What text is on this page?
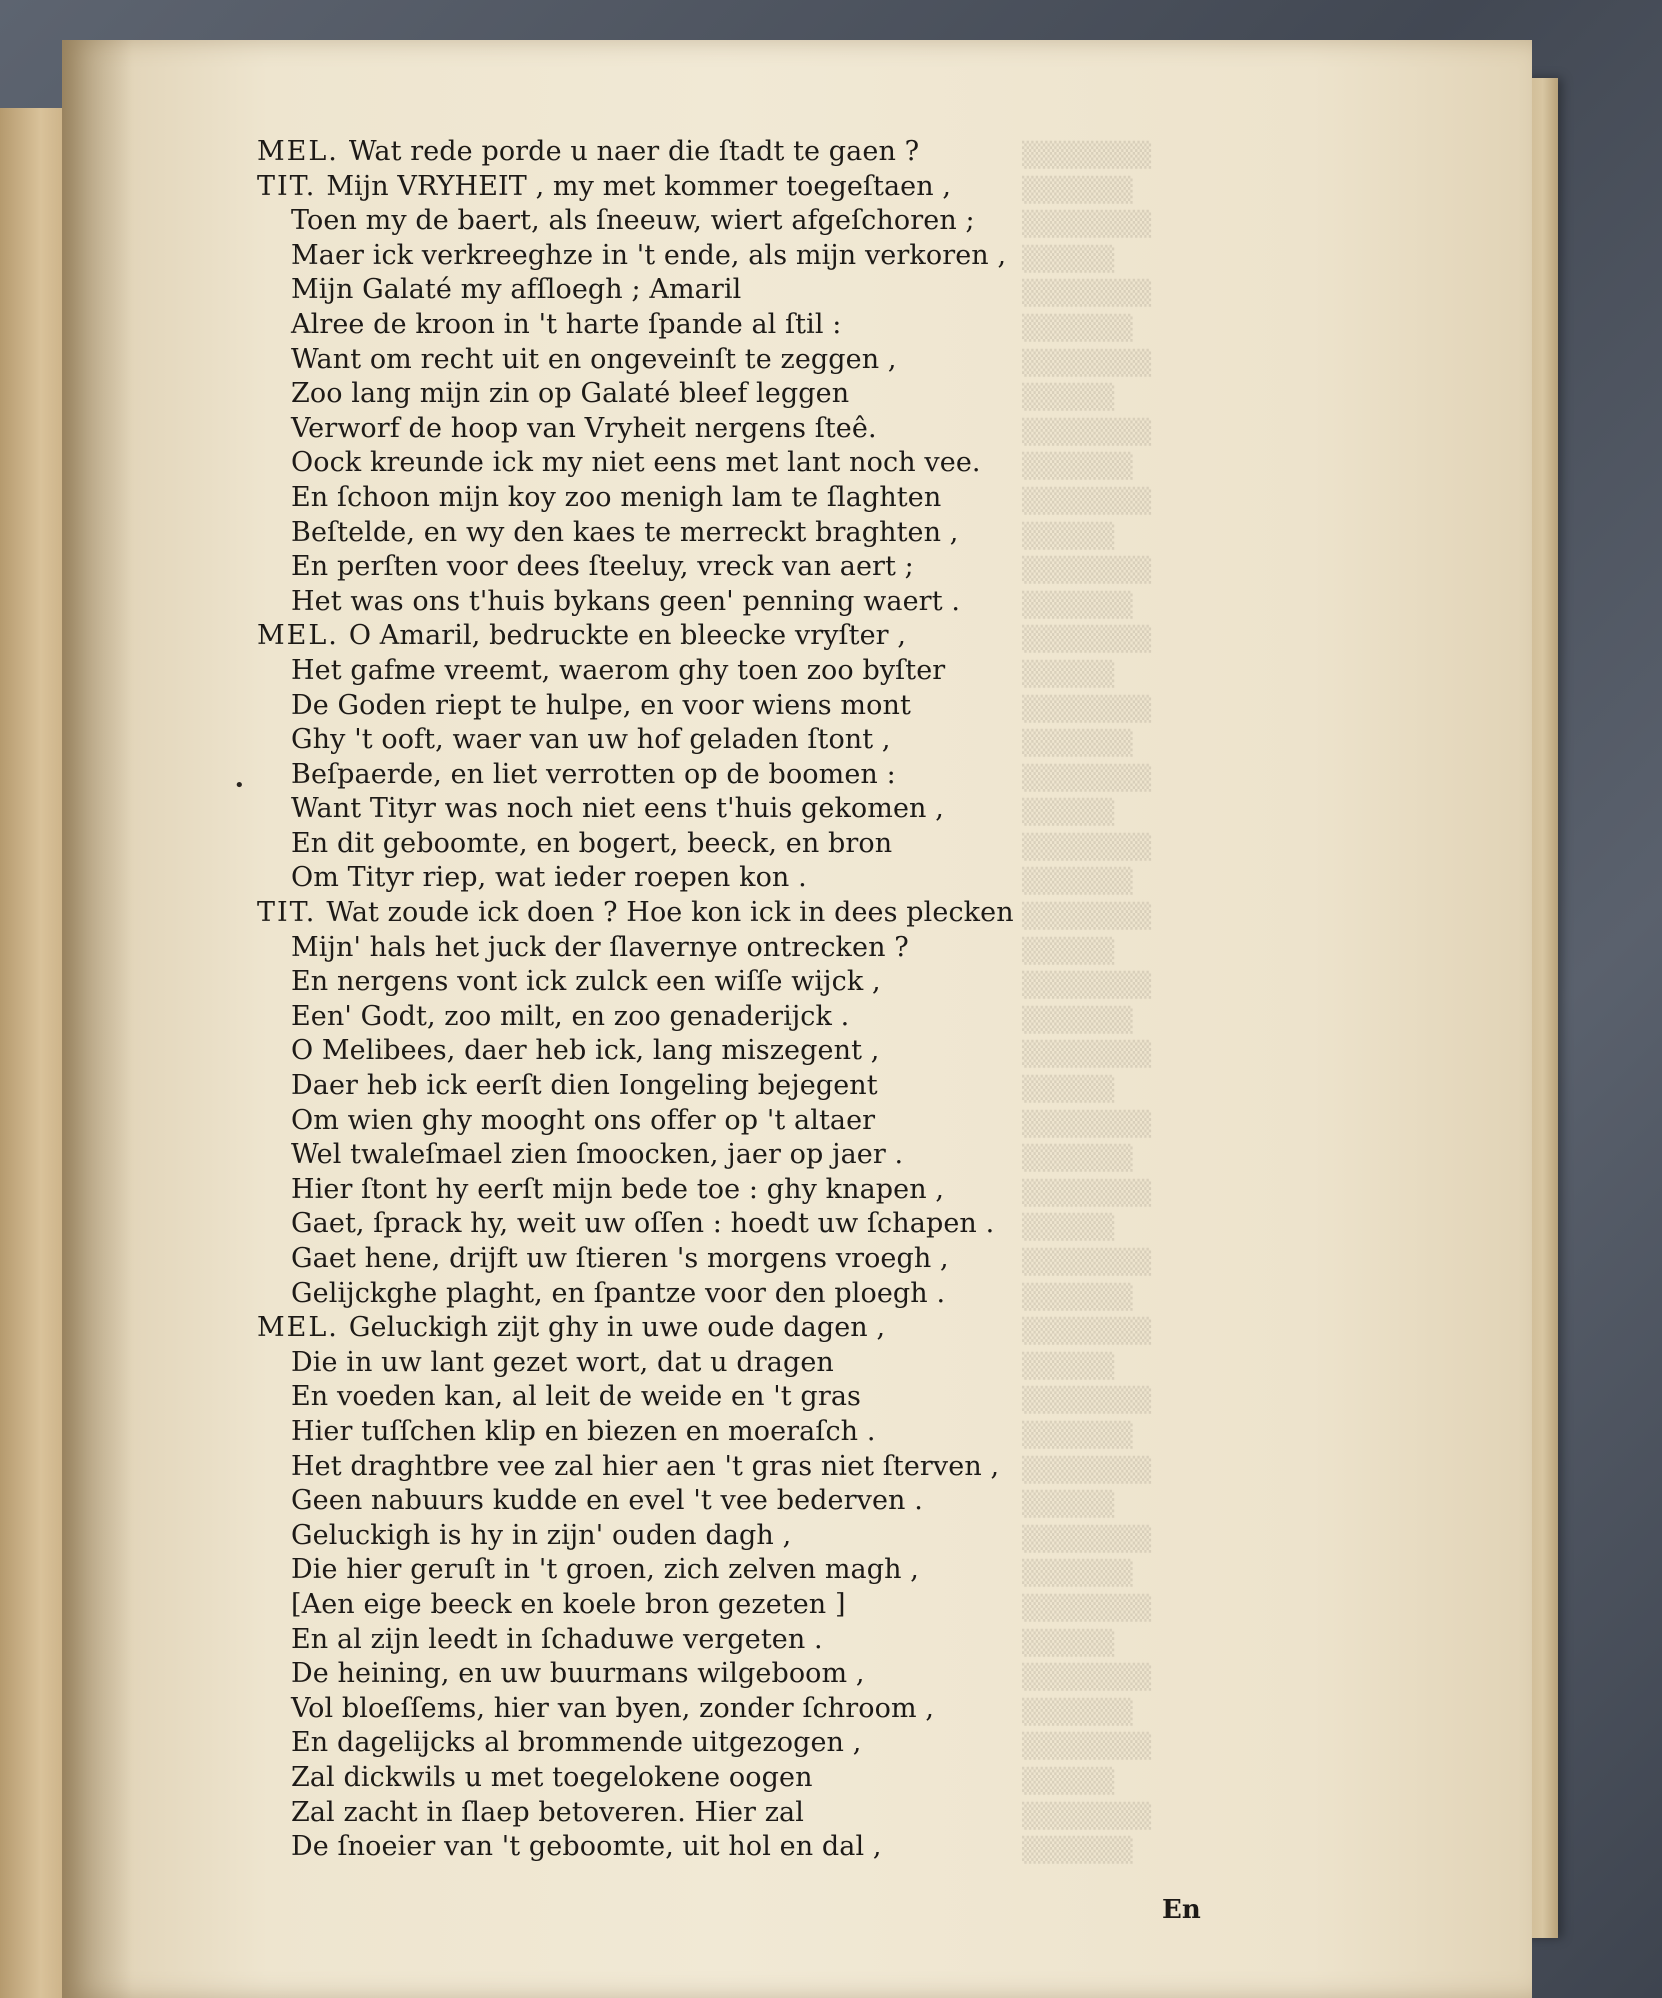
▒▒▒▒▒▒▒
▒▒▒▒▒▒
▒▒▒▒▒▒▒
▒▒▒▒▒
▒▒▒▒▒▒▒
▒▒▒▒▒▒
▒▒▒▒▒▒▒
▒▒▒▒▒
▒▒▒▒▒▒▒
▒▒▒▒▒▒
▒▒▒▒▒▒▒
▒▒▒▒▒
▒▒▒▒▒▒▒
▒▒▒▒▒▒
▒▒▒▒▒▒▒
▒▒▒▒▒
▒▒▒▒▒▒▒
▒▒▒▒▒▒
▒▒▒▒▒▒▒
▒▒▒▒▒
▒▒▒▒▒▒▒
▒▒▒▒▒▒
▒▒▒▒▒▒▒
▒▒▒▒▒
▒▒▒▒▒▒▒
▒▒▒▒▒▒
▒▒▒▒▒▒▒
▒▒▒▒▒
▒▒▒▒▒▒▒
▒▒▒▒▒▒
▒▒▒▒▒▒▒
▒▒▒▒▒
▒▒▒▒▒▒▒
▒▒▒▒▒▒
▒▒▒▒▒▒▒
▒▒▒▒▒
▒▒▒▒▒▒▒
▒▒▒▒▒▒
▒▒▒▒▒▒▒
▒▒▒▒▒
▒▒▒▒▒▒▒
▒▒▒▒▒▒
▒▒▒▒▒▒▒
▒▒▒▒▒
▒▒▒▒▒▒▒
▒▒▒▒▒▒
▒▒▒▒▒▒▒
▒▒▒▒▒
▒▒▒▒▒▒▒
▒▒▒▒▒▒
•
MEL. Wat rede porde u naer die ſtadt te gaen ?
TIT. Mijn VRYHEIT , my met kommer toegeſtaen ,
Toen my de baert, als ſneeuw, wiert afgeſchoren ;
Maer ick verkreeghze in 't ende, als mijn verkoren ,
Mijn Galaté my afſloegh ; Amaril
Alree de kroon in 't harte ſpande al ſtil :
Want om recht uit en ongeveinſt te zeggen ,
Zoo lang mijn zin op Galaté bleef leggen
Verworf de hoop van Vryheit nergens ſteê.
Oock kreunde ick my niet eens met lant noch vee.
En ſchoon mijn koy zoo menigh lam te ſlaghten
Beſtelde, en wy den kaes te merreckt braghten ,
En perſten voor dees ſteeluy, vreck van aert ;
Het was ons t'huis bykans geen' penning waert .
MEL. O Amaril, bedruckte en bleecke vryſter ,
Het gafme vreemt, waerom ghy toen zoo byſter
De Goden riept te hulpe, en voor wiens mont
Ghy 't ooft, waer van uw hof geladen ſtont ,
Beſpaerde, en liet verrotten op de boomen :
Want Tityr was noch niet eens t'huis gekomen ,
En dit geboomte, en bogert, beeck, en bron
Om Tityr riep, wat ieder roepen kon .
TIT. Wat zoude ick doen ? Hoe kon ick in dees plecken
Mijn' hals het juck der ſlavernye ontrecken ?
En nergens vont ick zulck een wiſſe wijck ,
Een' Godt, zoo milt, en zoo genaderijck .
O Melibees, daer heb ick, lang miszegent ,
Daer heb ick eerſt dien Iongeling bejegent
Om wien ghy mooght ons offer op 't altaer
Wel twaleſmael zien ſmoocken, jaer op jaer .
Hier ſtont hy eerſt mijn bede toe : ghy knapen ,
Gaet, ſprack hy, weit uw oſſen : hoedt uw ſchapen .
Gaet hene, drijft uw ſtieren 's morgens vroegh ,
Gelijckghe plaght, en ſpantze voor den ploegh .
MEL. Geluckigh zijt ghy in uwe oude dagen ,
Die in uw lant gezet wort, dat u dragen
En voeden kan, al leit de weide en 't gras
Hier tuſſchen klip en biezen en moeraſch .
Het draghtbre vee zal hier aen 't gras niet ſterven ,
Geen nabuurs kudde en evel 't vee bederven .
Geluckigh is hy in zijn' ouden dagh ,
Die hier geruſt in 't groen, zich zelven magh ,
[Aen eige beeck en koele bron gezeten ]
En al zijn leedt in ſchaduwe vergeten .
De heining, en uw buurmans wilgeboom ,
Vol bloeſſems, hier van byen, zonder ſchroom ,
En dagelijcks al brommende uitgezogen ,
Zal dickwils u met toegelokene oogen
Zal zacht in ſlaep betoveren. Hier zal
De ſnoeier van 't geboomte, uit hol en dal ,
En
